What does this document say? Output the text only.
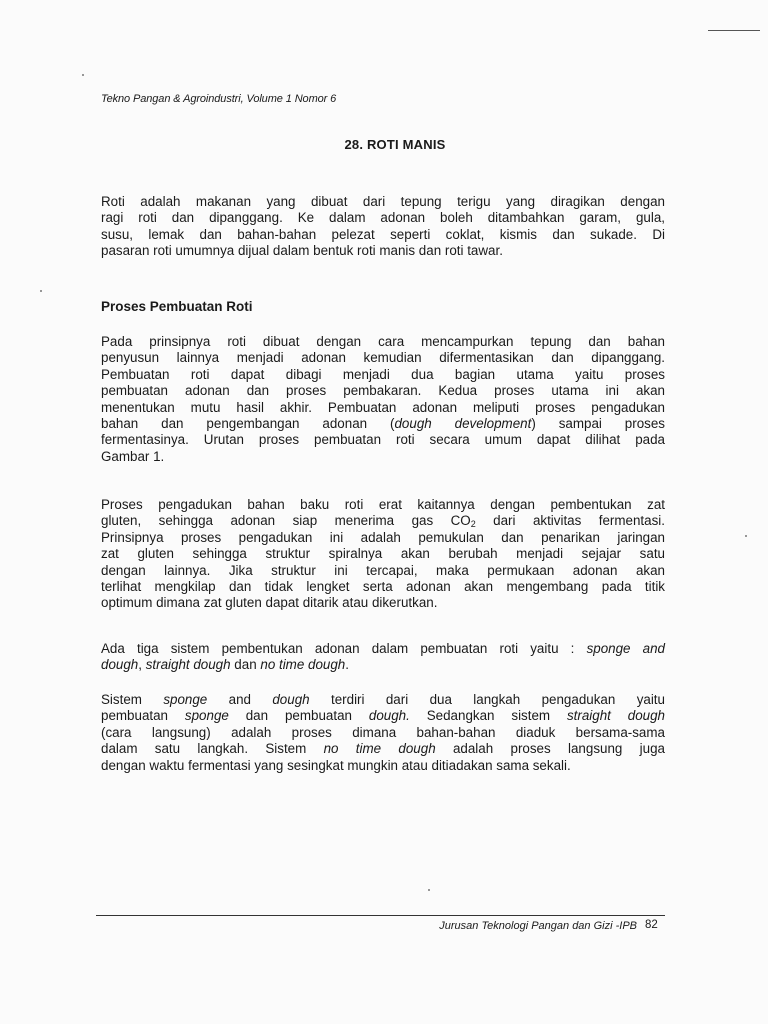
Tekno Pangan & Agroindustri, Volume 1 Nomor 6
28. ROTI MANIS
Roti adalah makanan yang dibuat dari tepung terigu yang diragikan dengan
ragi roti dan dipanggang. Ke dalam adonan boleh ditambahkan garam, gula,
susu, lemak dan bahan-bahan pelezat seperti coklat, kismis dan sukade. Di
pasaran roti umumnya dijual dalam bentuk roti manis dan roti tawar.
Proses Pembuatan Roti
Pada prinsipnya roti dibuat dengan cara mencampurkan tepung dan bahan
penyusun lainnya menjadi adonan kemudian difermentasikan dan dipanggang.
Pembuatan roti dapat dibagi menjadi dua bagian utama yaitu proses
pembuatan adonan dan proses pembakaran. Kedua proses utama ini akan
menentukan mutu hasil akhir. Pembuatan adonan meliputi proses pengadukan
bahan dan pengembangan adonan (dough development) sampai proses
fermentasinya. Urutan proses pembuatan roti secara umum dapat dilihat pada
Gambar 1.
Proses pengadukan bahan baku roti erat kaitannya dengan pembentukan zat
gluten, sehingga adonan siap menerima gas $CO_2$ dari aktivitas fermentasi.
Prinsipnya proses pengadukan ini adalah pemukulan dan penarikan jaringan
zat gluten sehingga struktur spiralnya akan berubah menjadi sejajar satu
dengan lainnya. Jika struktur ini tercapai, maka permukaan adonan akan
terlihat mengkilap dan tidak lengket serta adonan akan mengembang pada titik
optimum dimana zat gluten dapat ditarik atau dikerutkan.
Ada tiga sistem pembentukan adonan dalam pembuatan roti yaitu : sponge and
dough, straight dough dan no time dough.
Sistem sponge and dough terdiri dari dua langkah pengadukan yaitu
pembuatan sponge dan pembuatan dough. Sedangkan sistem straight dough
(cara langsung) adalah proses dimana bahan-bahan diaduk bersama-sama
dalam satu langkah. Sistem no time dough adalah proses langsung juga
dengan waktu fermentasi yang sesingkat mungkin atau ditiadakan sama sekali.
Jurusan Teknologi Pangan dan Gizi -IPB 82
